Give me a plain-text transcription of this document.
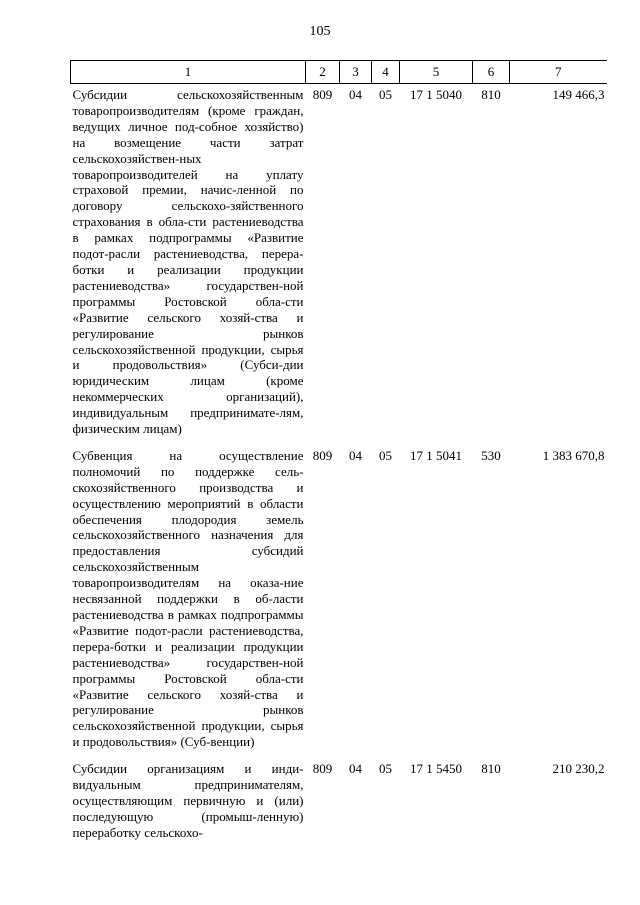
105
1	2	3	4	5	6	7
Субсидии сельскохозяйственным товаропроизводителям (кроме граждан, ведущих личное под-собное хозяйство) на возмещение части затрат сельскохозяйствен-ных товаропроизводителей на уплату страховой премии, начис-ленной по договору сельскохо-зяйственного страхования в обла-сти растениеводства в рамках подпрограммы «Развитие подот-расли растениеводства, перера-ботки и реализации продукции растениеводства» государствен-ной программы Ростовской обла-сти «Развитие сельского хозяй-ства и регулирование рынков сельскохозяйственной продукции, сырья и продовольствия» (Субси-дии юридическим лицам (кроме некоммерческих организаций), индивидуальным предпринимате-лям, физическим лицам)	809	04	05	17 1 5040	810	149 466,3
Субвенция на осуществление полномочий по поддержке сель-скохозяйственного производства и осуществлению мероприятий в области обеспечения плодородия земель сельскохозяйственного назначения для предоставления субсидий сельскохозяйственным товаропроизводителям на оказа-ние несвязанной поддержки в об-ласти растениеводства в рамках подпрограммы «Развитие подот-расли растениеводства, перера-ботки и реализации продукции растениеводства» государствен-ной программы Ростовской обла-сти «Развитие сельского хозяй-ства и регулирование рынков сельскохозяйственной продукции, сырья и продовольствия» (Суб-венции)	809	04	05	17 1 5041	530	1 383 670,8
Субсидии организациям и инди-видуальным предпринимателям, осуществляющим первичную и (или) последующую (промыш-ленную) переработку сельскохо-	809	04	05	17 1 5450	810	210 230,2
